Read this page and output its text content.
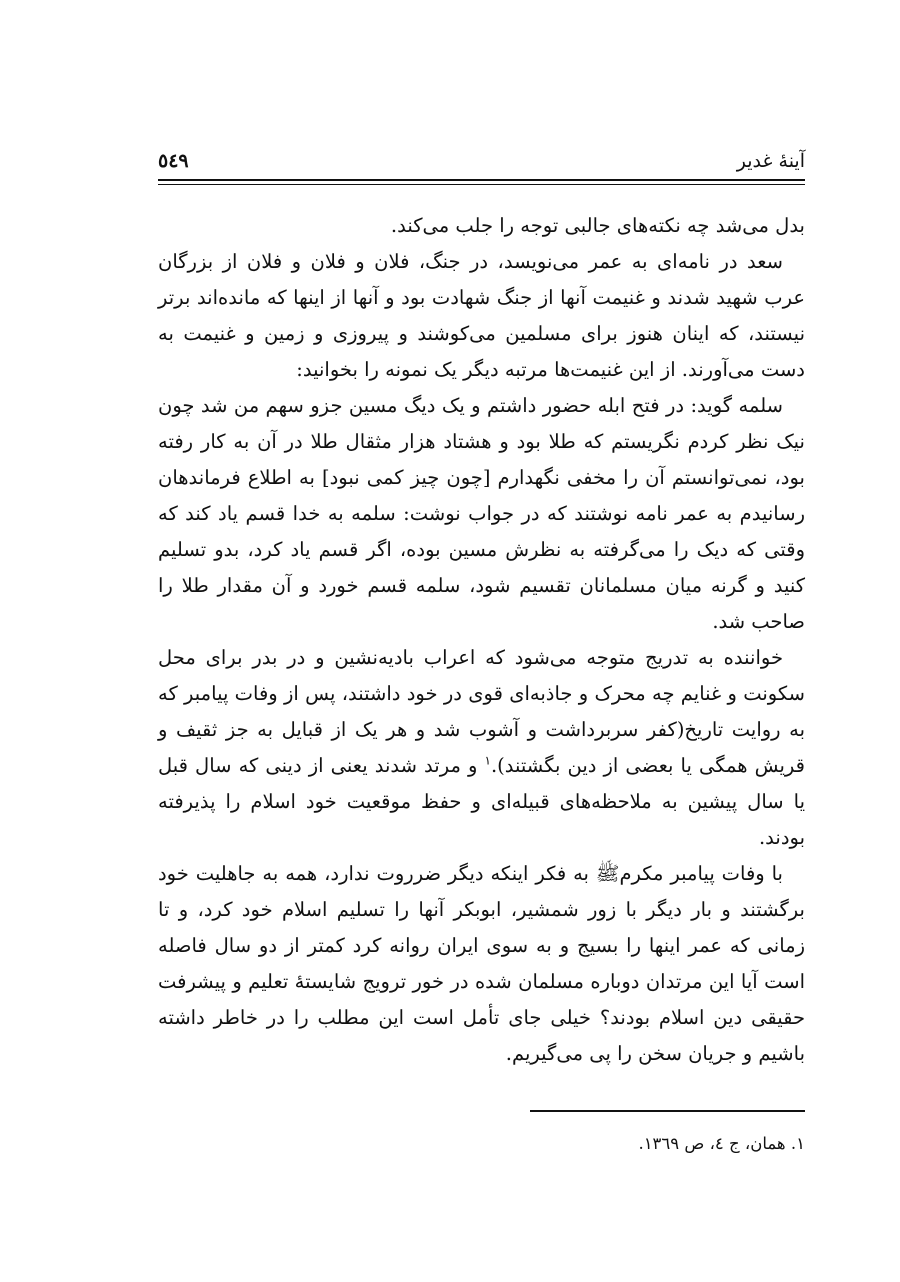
آینهٔ غدیر
٥٤٩

بدل می‌شد چه نکته‌های جالبی توجه را جلب می‌کند.

سعد در نامه‌ای به عمر می‌نویسد، در جنگ، فلان و فلان و فلان از بزرگان عرب شهید شدند و غنیمت آنها از جنگ شهادت بود و آنها از اینها که مانده‌اند برتر نیستند، که اینان هنوز برای مسلمین می‌کوشند و پیروزی و زمین و غنیمت به دست می‌آورند. از این غنیمت‌ها مرتبه دیگر یک نمونه را بخوانید:

سلمه گوید: در فتح ابله حضور داشتم و یک دیگ مسین جزو سهم من شد چون نیک نظر کردم نگریستم که طلا بود و هشتاد هزار مثقال طلا در آن به کار رفته بود، نمی‌توانستم آن را مخفی نگهدارم [چون چیز کمی نبود] به اطلاع فرماندهان رسانیدم به عمر نامه نوشتند که در جواب نوشت: سلمه به خدا قسم یاد کند که وقتی که دیک را می‌گرفته به نظرش مسین بوده، اگر قسم یاد کرد، بدو تسلیم کنید و گرنه میان مسلمانان تقسیم شود، سلمه قسم خورد و آن مقدار طلا را صاحب شد.

خواننده به تدریج متوجه می‌شود که اعراب بادیه‌نشین و در بدر برای محل سکونت و غنایم چه محرک و جاذبه‌ای قوی در خود داشتند، پس از وفات پیامبر که به روایت تاریخ(کفر سربرداشت و آشوب شد و هر یک از قبایل به جز ثقیف و قریش همگی یا بعضی از دین بگشتند).$^١$ و مرتد شدند یعنی از دینی که سال قبل یا سال پیشین به ملاحظه‌های قبیله‌ای و حفظ موقعیت خود اسلام را پذیرفته بودند.

با وفات پیامبر مکرمﷺ به فکر اینکه دیگر ضرروت ندارد، همه به جاهلیت خود برگشتند و بار دیگر با زور شمشیر، ابوبکر آنها را تسلیم اسلام خود کرد، و تا زمانی که عمر اینها را بسیج و به سوی ایران روانه کرد کمتر از دو سال فاصله است آیا این مرتدان دوباره مسلمان شده در خور ترویج شایستهٔ تعلیم و پیشرفت حقیقی دین اسلام بودند؟ خیلی جای تأمل است این مطلب را در خاطر داشته باشیم و جریان سخن را پی می‌گیریم.

١. همان، ج ٤، ص ١٣٦٩.
